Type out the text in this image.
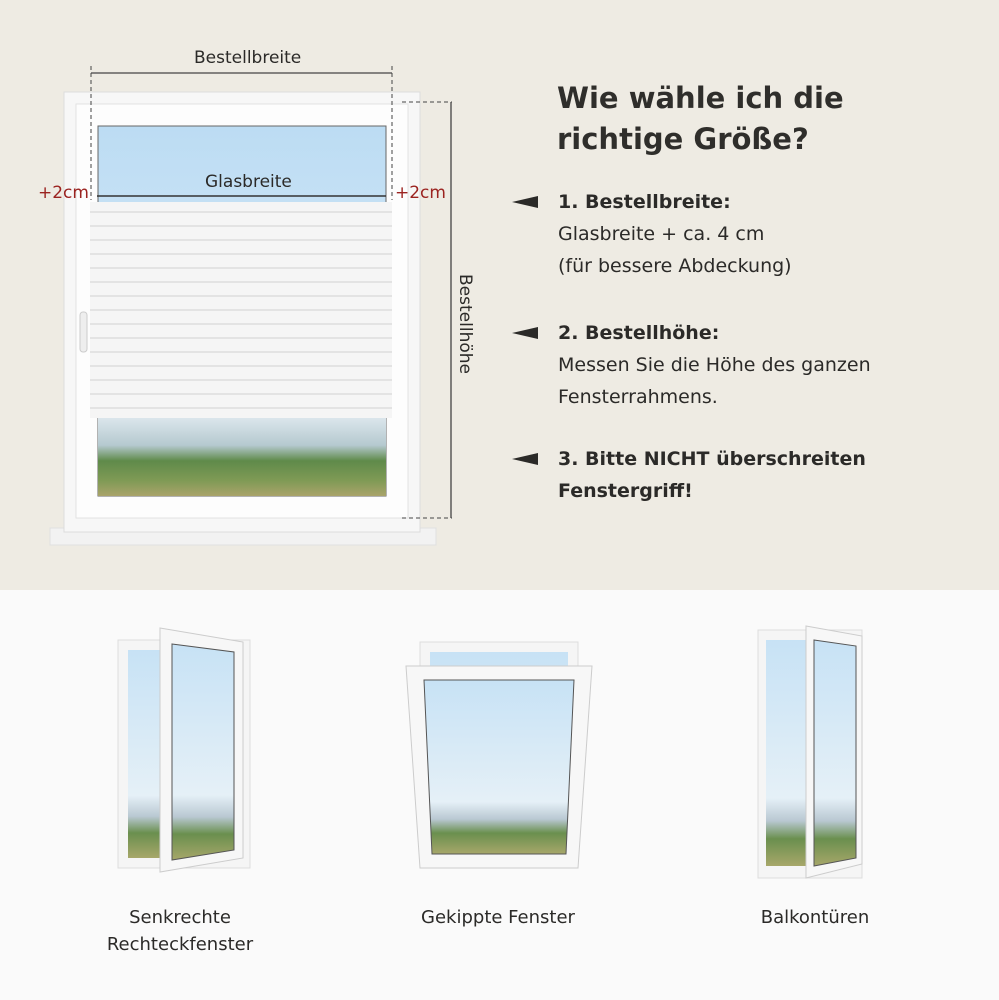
Bestellbreite
Glasbreite
+2cm	+2cm
Bestellhöhe
Wie wähle ich die richtige Größe?
1. Bestellbreite:
Glasbreite + ca. 4 cm
(für bessere Abdeckung)
2. Bestellhöhe:
Messen Sie die Höhe des ganzen
Fensterrahmens.
3. Bitte NICHT überschreiten
Fenstergriff!
Senkrechte
Rechteckfenster
Gekippte Fenster	Balkontüren
